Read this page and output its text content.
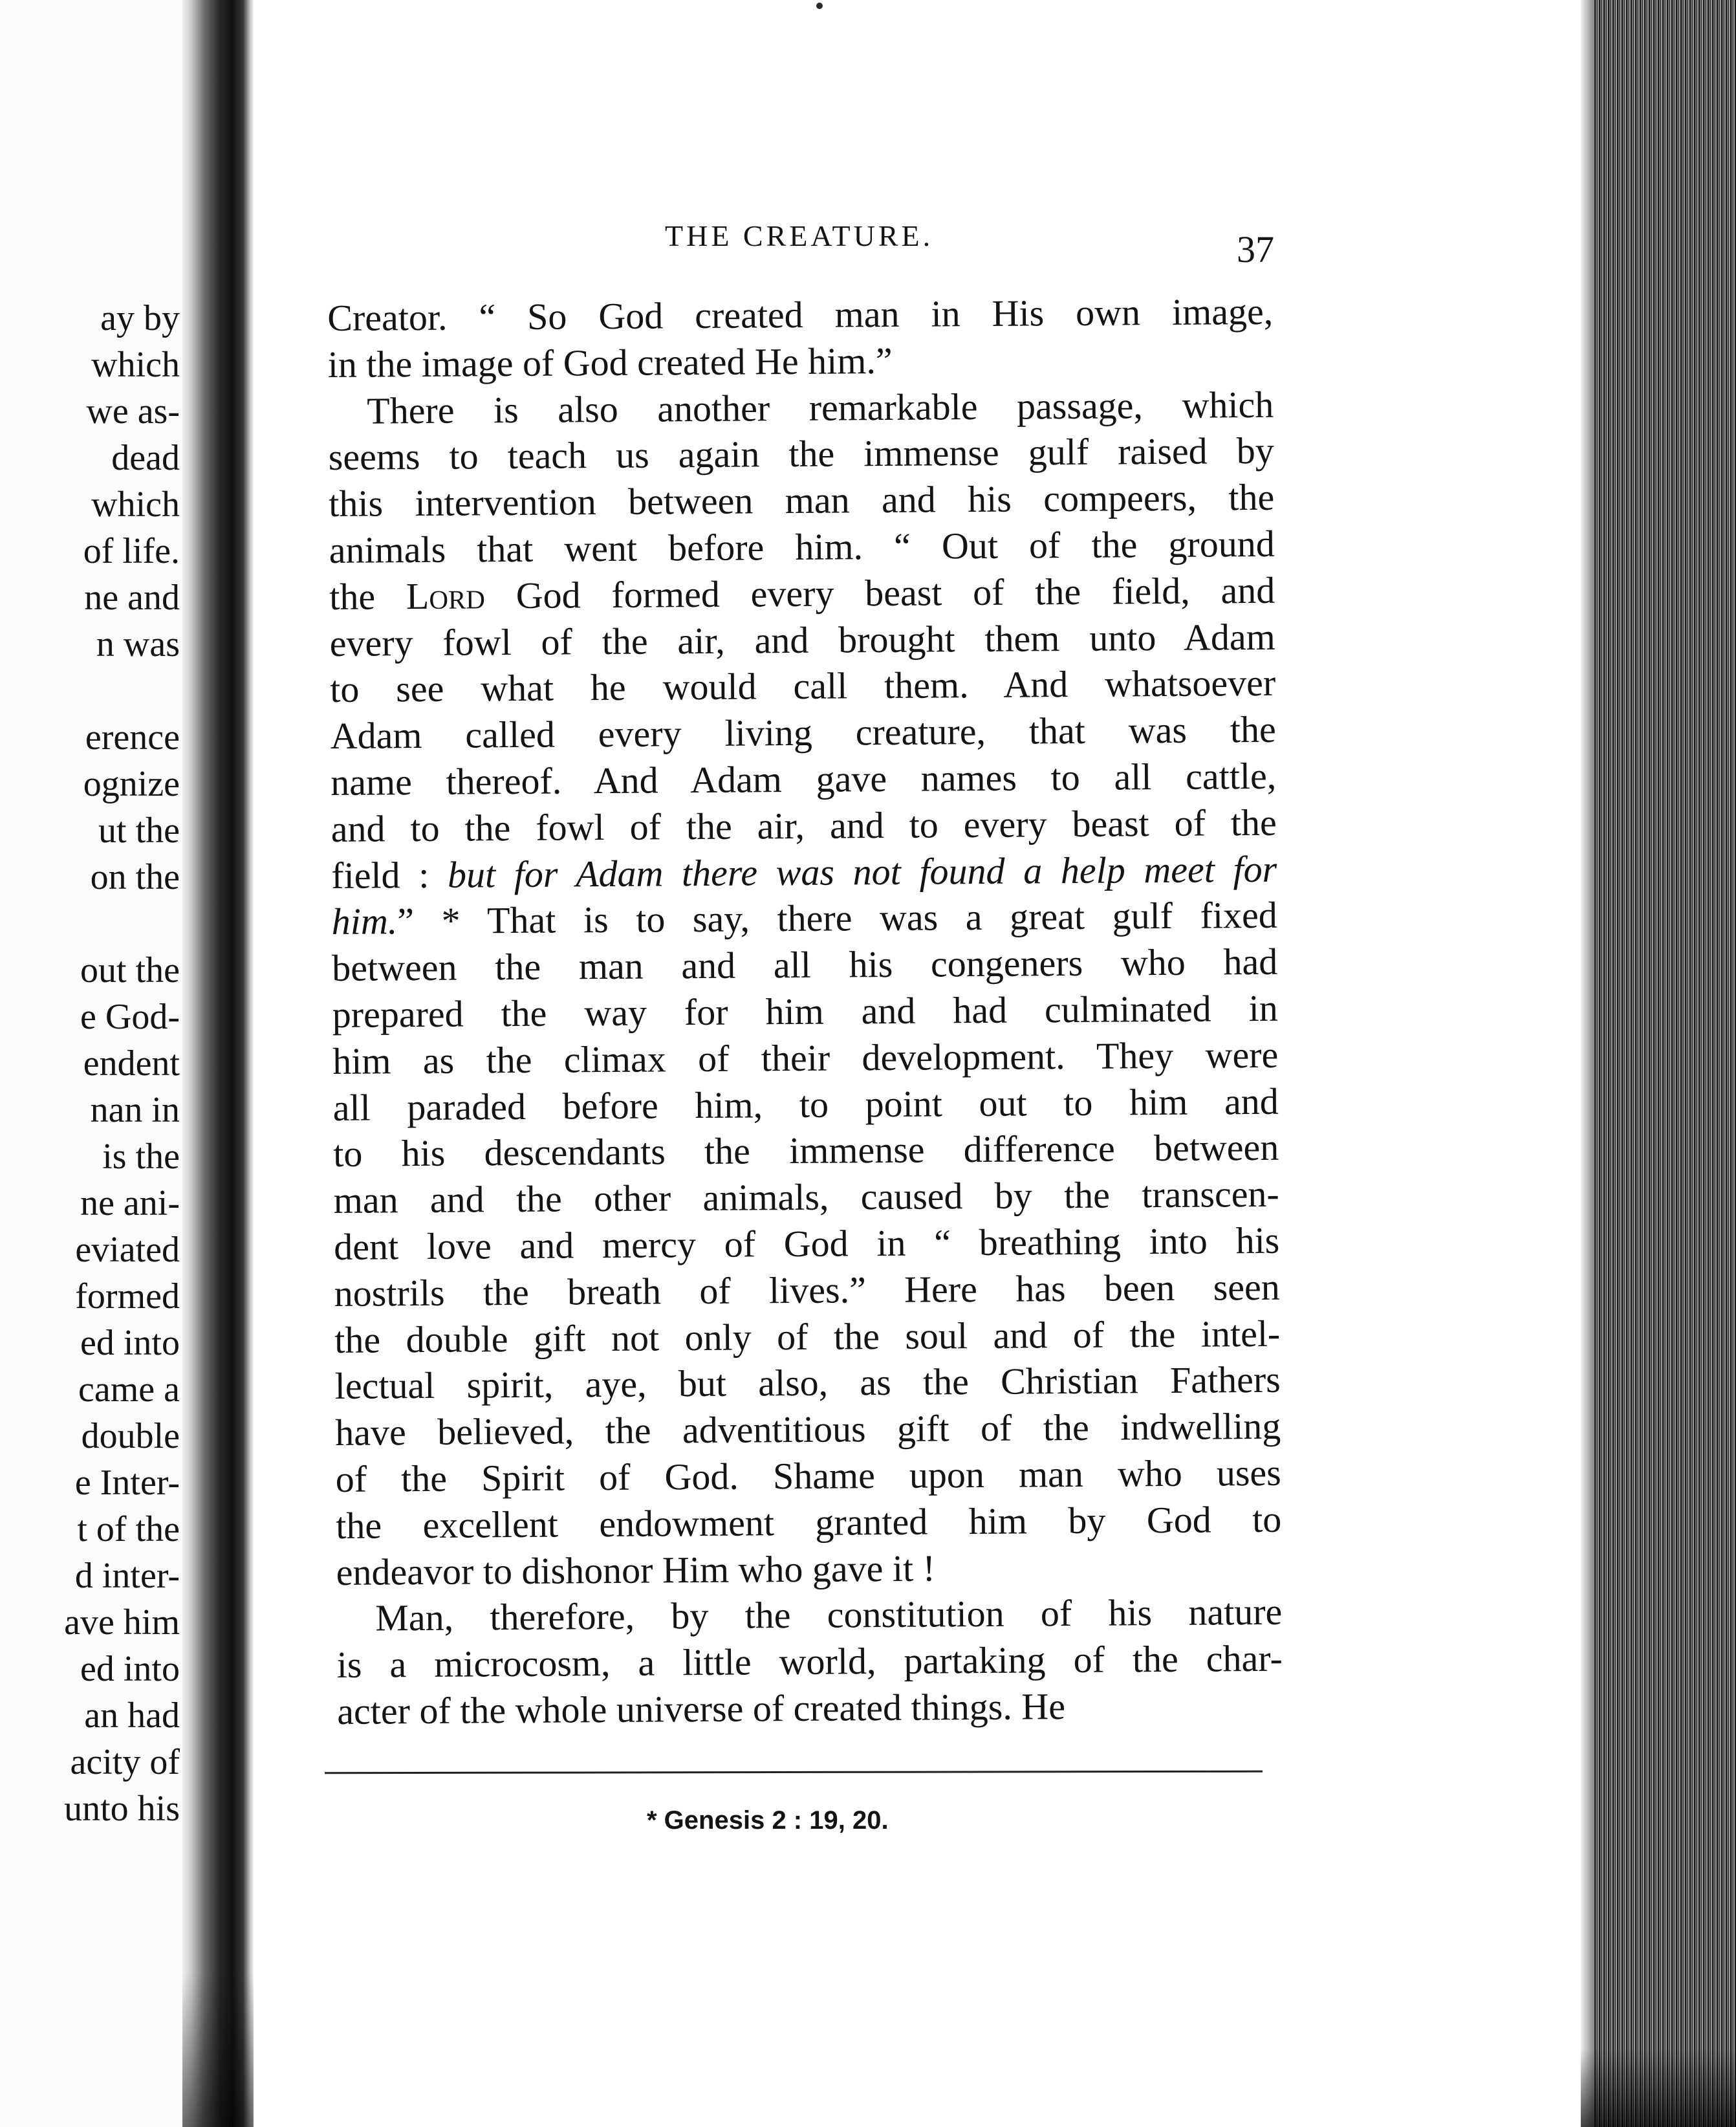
ay by
which
we as-
dead
which
of life.
ne and
n was
erence
ognize
ut the
on the
out the
e God-
endent
nan in
is the
ne ani-
eviated
formed
ed into
came a
double
e Inter-
t of the
d inter-
ave him
ed into
an had
acity of
unto his
THE CREATURE.	37
Creator. “ So God created man in His own image,
in the image of God created He him.”
There is also another remarkable passage, which
seems to teach us again the immense gulf raised by
this intervention between man and his compeers, the
animals that went before him. “ Out of the ground
the Lord God formed every beast of the field, and
every fowl of the air, and brought them unto Adam
to see what he would call them. And whatsoever
Adam called every living creature, that was the
name thereof. And Adam gave names to all cattle,
and to the fowl of the air, and to every beast of the
field : but for Adam there was not found a help meet for
him.” * That is to say, there was a great gulf fixed
between the man and all his congeners who had
prepared the way for him and had culminated in
him as the climax of their development. They were
all paraded before him, to point out to him and
to his descendants the immense difference between
man and the other animals, caused by the transcen-
dent love and mercy of God in “ breathing into his
nostrils the breath of lives.” Here has been seen
the double gift not only of the soul and of the intel-
lectual spirit, aye, but also, as the Christian Fathers
have believed, the adventitious gift of the indwelling
of the Spirit of God. Shame upon man who uses
the excellent endowment granted him by God to
endeavor to dishonor Him who gave it !
Man, therefore, by the constitution of his nature
is a microcosm, a little world, partaking of the char-
acter of the whole universe of created things. He
* Genesis 2 : 19, 20.
